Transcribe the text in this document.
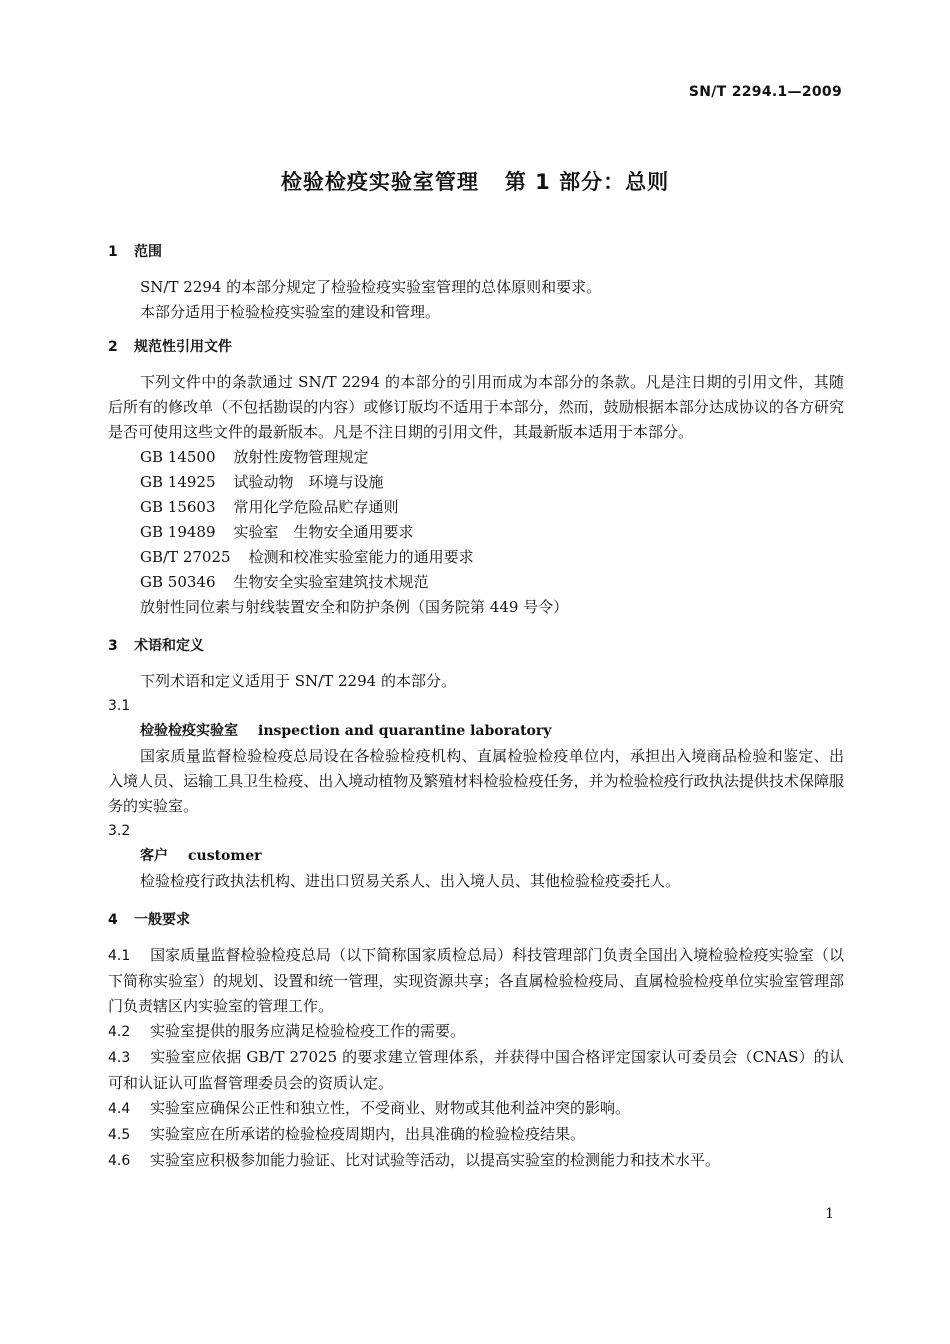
SN/T 2294.1—2009
检验检疫实验室管理 第 1 部分：总则

1 范围

SN/T 2294 的本部分规定了检验检疫实验室管理的总体原则和要求。

本部分适用于检验检疫实验室的建设和管理。

2 规范性引用文件

下列文件中的条款通过 SN/T 2294 的本部分的引用而成为本部分的条款。凡是注日期的引用文件，其随后所有的修改单（不包括勘误的内容）或修订版均不适用于本部分，然而，鼓励根据本部分达成协议的各方研究是否可使用这些文件的最新版本。凡是不注日期的引用文件，其最新版本适用于本部分。

GB 14500 放射性废物管理规定

GB 14925 试验动物　环境与设施

GB 15603 常用化学危险品贮存通则

GB 19489 实验室　生物安全通用要求

GB/T 27025 检测和校准实验室能力的通用要求

GB 50346 生物安全实验室建筑技术规范

放射性同位素与射线装置安全和防护条例（国务院第 449 号令）

3 术语和定义

下列术语和定义适用于 SN/T 2294 的本部分。

3.1

检验检疫实验室 inspection and quarantine laboratory

国家质量监督检验检疫总局设在各检验检疫机构、直属检验检疫单位内，承担出入境商品检验和鉴定、出入境人员、运输工具卫生检疫、出入境动植物及繁殖材料检验检疫任务，并为检验检疫行政执法提供技术保障服务的实验室。

3.2

客户 customer

检验检疫行政执法机构、进出口贸易关系人、出入境人员、其他检验检疫委托人。

4 一般要求

4.1 国家质量监督检验检疫总局（以下简称国家质检总局）科技管理部门负责全国出入境检验检疫实验室（以下简称实验室）的规划、设置和统一管理，实现资源共享；各直属检验检疫局、直属检验检疫单位实验室管理部门负责辖区内实验室的管理工作。

4.2 实验室提供的服务应满足检验检疫工作的需要。

4.3 实验室应依据 GB/T 27025 的要求建立管理体系，并获得中国合格评定国家认可委员会（CNAS）的认可和认证认可监督管理委员会的资质认定。

4.4 实验室应确保公正性和独立性，不受商业、财物或其他利益冲突的影响。

4.5 实验室应在所承诺的检验检疫周期内，出具准确的检验检疫结果。

4.6 实验室应积极参加能力验证、比对试验等活动，以提高实验室的检测能力和技术水平。

1
